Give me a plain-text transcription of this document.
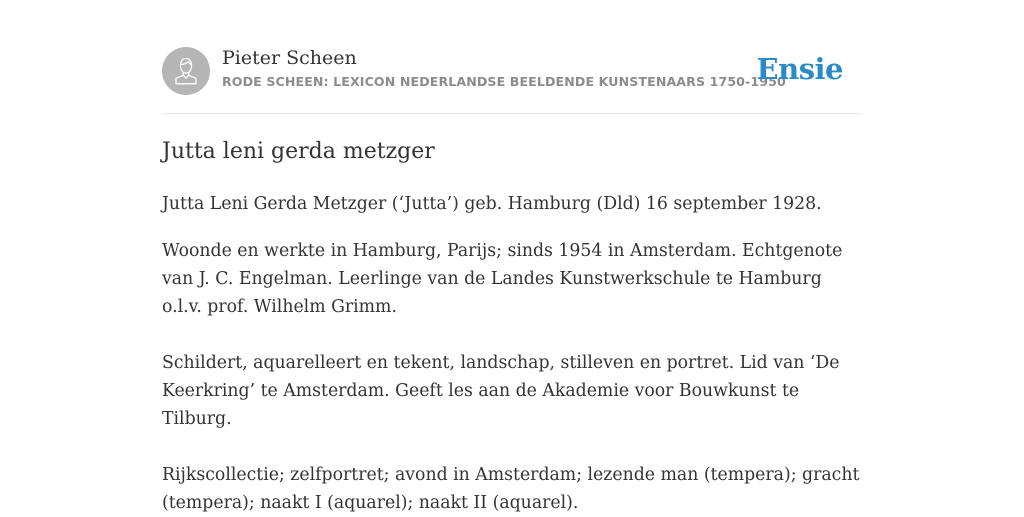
Pieter Scheen
RODE SCHEEN: LEXICON NEDERLANDSE BEELDENDE KUNSTENAARS 1750-1950
Ensie
Jutta leni gerda metzger

Jutta Leni Gerda Metzger (‘Jutta’) geb. Hamburg (Dld) 16 september 1928.

Woonde en werkte in Hamburg, Parijs; sinds 1954 in Amsterdam. Echtgenote van J. C. Engelman. Leerlinge van de Landes Kunstwerkschule te Hamburg o.l.v. prof. Wilhelm Grimm.
Schildert, aquarelleert en tekent, landschap, stilleven en portret. Lid van ‘De Keerkring’ te Amsterdam. Geeft les aan de Akademie voor Bouwkunst te Tilburg.
Rijkscollectie; zelfportret; avond in Amsterdam; lezende man (tempera); gracht (tempera); naakt I (aquarel); naakt II (aquarel).
